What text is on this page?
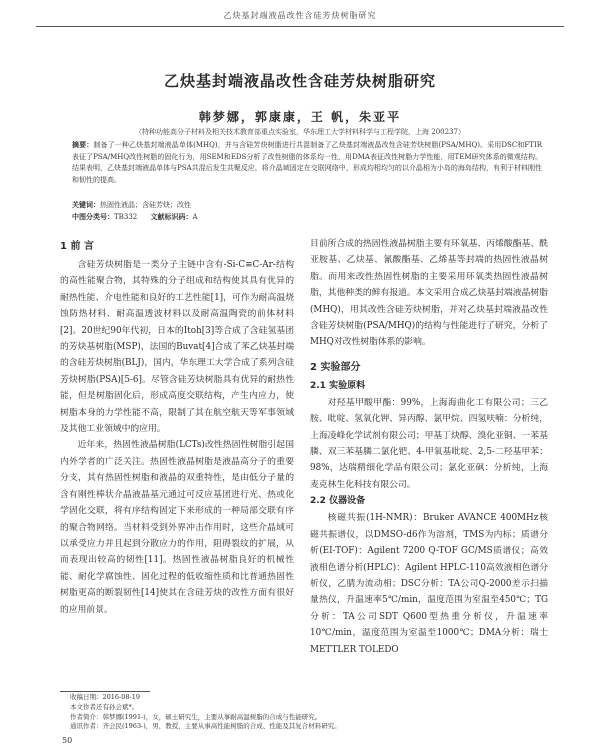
乙炔基封端液晶改性含硅芳炔树脂研究
乙炔基封端液晶改性含硅芳炔树脂研究
韩梦娜，郭康康，王 帆，朱亚平
（特种功能高分子材料及相关技术教育部重点实验室，华东理工大学材料科学与工程学院，上海 200237）
摘要：制备了一种乙炔基封端液晶单体(MHQ)，并与含硅芳炔树脂进行共混制备了乙炔基封端液晶改性含硅芳炔树脂(PSA/MHQ)。采用DSC和FTIR表征了PSA/MHQ改性树脂的固化行为，用SEM和EDS分析了改性树脂的体系均一性，用DMA表征改性树脂力学性能，用TEM研究体系的微观结构。结果表明，乙炔基封端液晶单体与PSA共混后发生共聚反应，将介晶域固定在交联网络中，形成均相均匀的以介晶相为小岛的海岛结构，有利于材料刚性和韧性的提高。
关键词：热固性液晶；含硅芳炔；改性
中图分类号：TB332 文献标识码：A
1 前 言

含硅芳炔树脂是一类分子主链中含有-Si-C≡C-Ar-结构的高性能聚合物，其特殊的分子组成和结构使其具有优异的耐热性能、介电性能和良好的工艺性能[1]，可作为耐高温烧蚀防热材料、耐高温透波材料以及耐高温陶瓷的前体材料[2]。20世纪90年代初，日本的Itoh[3]等合成了含硅氢基团的芳炔基树脂(MSP)，法国的Buvat[4]合成了苯乙炔基封端的含硅芳炔树脂(BLJ)，国内，华东理工大学合成了系列含硅芳炔树脂(PSA)[5-6]。尽管含硅芳炔树脂具有优异的耐热性能，但是树脂固化后，形成高度交联结构，产生内应力，使树脂本身的力学性能不高，限制了其在航空航天等军事领域及其他工业领域中的应用。

近年来，热固性液晶树脂(LCTs)改性热固性树脂引起国内外学者的广泛关注。热固性液晶树脂是液晶高分子的重要分支，其有热固性树脂和液晶的双重特性，是由低分子量的含有刚性棒状介晶液晶基元通过可反应基团进行光、热或化学固化交联，将有序结构固定下来形成的一种局部交联有序的聚合物网络。当材料受到外界冲击作用时，这些介晶域可以承受应力并且起到分散应力的作用，阻碍裂纹的扩展，从而表现出较高的韧性[11]。热固性液晶树脂良好的机械性能、耐化学腐蚀性、固化过程的低收缩性质和比普通热固性树脂更高的断裂韧性[14]使其在含硅芳炔的改性方面有很好的应用前景。

目前所合成的热固性液晶树脂主要有环氧基、丙烯酸酯基、酰亚胺基、乙炔基、氰酸酯基、乙烯基等封端的热固性液晶树脂。而用来改性热固性树脂的主要采用环氧类热固性液晶树脂，其他种类的鲜有报道。本文采用合成乙炔基封端液晶树脂(MHQ)，用其改性含硅芳炔树脂，并对乙炔基封端液晶改性含硅芳炔树脂(PSA/MHQ)的结构与性能进行了研究，分析了MHQ对改性树脂体系的影响。

2 实验部分
2.1 实验原料

对羟基甲酸甲酯：99%，上海海曲化工有限公司；三乙胺、吡啶、氢氧化钾、异丙醇、氯甲烷、四氢呋喃：分析纯，上海凌峰化学试剂有限公司；甲基丁炔醇、溴化亚铜、一苯基膦、双三苯基膦二氯化钯、4-甲氧基吡啶、2,5-二羟基甲苯：98%，达瑞精细化学品有限公司；氯化亚砜：分析纯，上海麦克林生化科技有限公司。

2.2 仪器设备

核磁共振(1H-NMR)：Bruker AVANCE 400MHz核磁共振谱仪，以DMSO-d6作为溶剂，TMS为内标；质谱分析(EI-TOF)：Agilent 7200 Q-TOF GC/MS质谱仪；高效液相色谱分析(HPLC)：Agilent HPLC-110高效液相色谱分析仪，乙腈为流动相；DSC分析：TA公司Q-2000差示扫描量热仪，升温速率5℃/min，温度范围为室温至450℃；TG分析：TA公司SDT Q600型热重分析仪，升温速率10℃/min，温度范围为室温至1000℃；DMA分析：瑞士METTLER TOLEDO

收稿日期：2016-08-19
本文作者还有孙会斌*。
作者简介：韩梦娜(1991-)，女，硕士研究生，主要从事耐高温树脂的合成与性能研究。
通讯作者：齐会民(1963-)，男，教授，主要从事高性能树脂的合成、性能及其复合材料研究。
50
